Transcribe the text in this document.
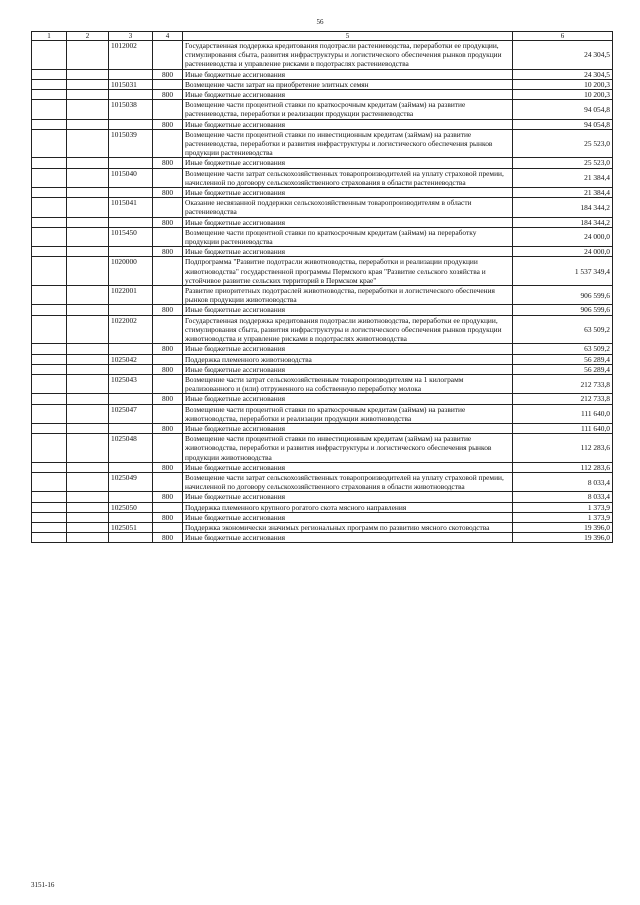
56
1	2	3	4	5	6
		1012002		Государственная поддержка кредитования подотрасли растениеводства, переработки ее продукции, стимулирования сбыта, развития инфраструктуры и логистического обеспечения рынков продукции растениеводства и управление рисками в подотраслях растениеводства	24 304,5
			800	Иные бюджетные ассигнования	24 304,5
		1015031		Возмещение части затрат на приобретение элитных семян	10 200,3
			800	Иные бюджетные ассигнования	10 200,3
		1015038		Возмещение части процентной ставки по краткосрочным кредитам (займам) на развитие растениеводства, переработки и реализации продукции растениеводства	94 054,8
			800	Иные бюджетные ассигнования	94 054,8
		1015039		Возмещение части процентной ставки по инвестиционным кредитам (займам) на развитие растениеводства, переработки и развития инфраструктуры и логистического обеспечения рынков продукции растениеводства	25 523,0
			800	Иные бюджетные ассигнования	25 523,0
		1015040		Возмещение части затрат сельскохозяйственных товаропроизводителей на уплату страховой премии, начисленной по договору сельскохозяйственного страхования в области растениеводства	21 384,4
			800	Иные бюджетные ассигнования	21 384,4
		1015041		Оказание несвязанной поддержки сельскохозяйственным товаропроизводителям в области растениеводства	184 344,2
			800	Иные бюджетные ассигнования	184 344,2
		1015450		Возмещение части процентной ставки по краткосрочным кредитам (займам) на переработку продукции растениеводства	24 000,0
			800	Иные бюджетные ассигнования	24 000,0
		1020000		Подпрограмма "Развитие подотрасли животноводства, переработки и реализации продукции животноводства" государственной программы Пермского края "Развитие сельского хозяйства и устойчивое развитие сельских территорий в Пермском крае"	1 537 349,4
		1022001		Развитие приоритетных подотраслей животноводства, переработки и логистического обеспечения рынков продукции животноводства	906 599,6
			800	Иные бюджетные ассигнования	906 599,6
		1022002		Государственная поддержка кредитования подотрасли животноводства, переработки ее продукции, стимулирования сбыта, развития инфраструктуры и логистического обеспечения рынков продукции животноводства и управление рисками в подотраслях животноводства	63 509,2
			800	Иные бюджетные ассигнования	63 509,2
		1025042		Поддержка племенного животноводства	56 289,4
			800	Иные бюджетные ассигнования	56 289,4
		1025043		Возмещение части затрат сельскохозяйственным товаропроизводителям на 1 килограмм реализованного и (или) отгруженного на собственную переработку молока	212 733,8
			800	Иные бюджетные ассигнования	212 733,8
		1025047		Возмещение части процентной ставки по краткосрочным кредитам (займам) на развитие животноводства, переработки и реализации продукции животноводства	111 640,0
			800	Иные бюджетные ассигнования	111 640,0
		1025048		Возмещение части процентной ставки по инвестиционным кредитам (займам) на развитие животноводства, переработки и развития инфраструктуры и логистического обеспечения рынков продукции животноводства	112 283,6
			800	Иные бюджетные ассигнования	112 283,6
		1025049		Возмещение части затрат сельскохозяйственных товаропроизводителей на уплату страховой премии, начисленной по договору сельскохозяйственного страхования в области животноводства	8 033,4
			800	Иные бюджетные ассигнования	8 033,4
		1025050		Поддержка племенного крупного рогатого скота мясного направления	1 373,9
			800	Иные бюджетные ассигнования	1 373,9
		1025051		Поддержка экономически значимых региональных программ по развитию мясного скотоводства	19 396,0
			800	Иные бюджетные ассигнования	19 396,0
3151-16
